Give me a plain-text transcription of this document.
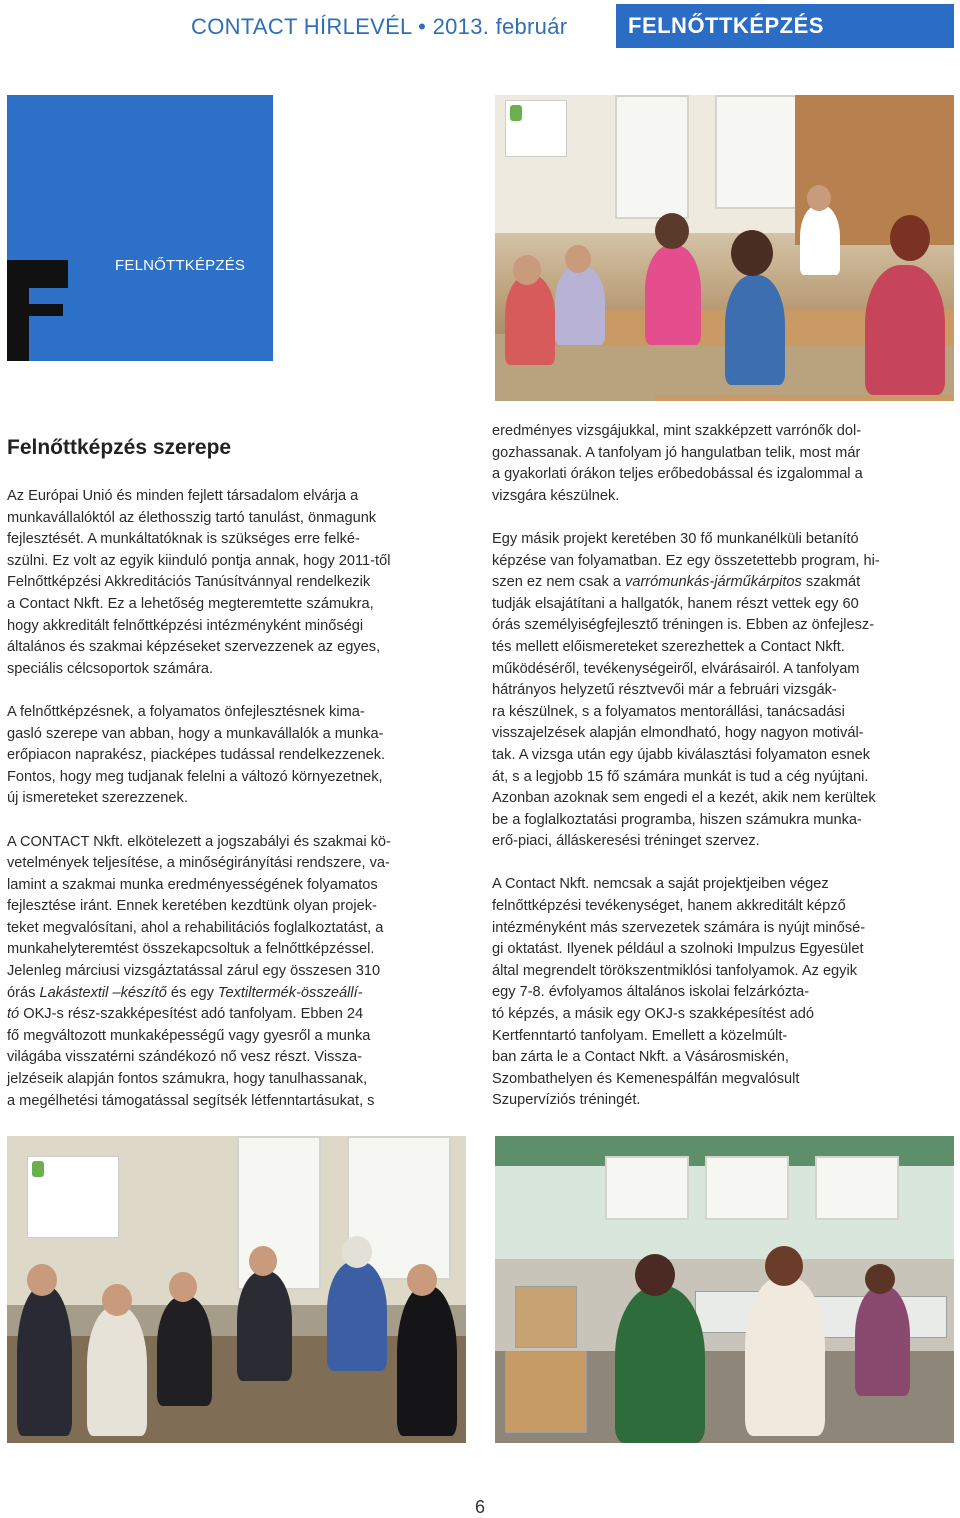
CONTACT HÍRLEVÉL • 2013. február	FELNŐTTKÉPZÉS
FELNŐTTKÉPZÉS
Felnőttképzés szerepe

Az Európai Unió és minden fejlett társadalom elvárja a
munkavállalóktól az élethosszig tartó tanulást, önmagunk
fejlesztését. A munkáltatóknak is szükséges erre felké-
szülni. Ez volt az egyik kiinduló pontja annak, hogy 2011-től
Felnőttképzési Akkreditációs Tanúsítvánnyal rendelkezik
a Contact Nkft. Ez a lehetőség megteremtette számukra,
hogy akkreditált felnőttképzési intézményként minőségi
általános és szakmai képzéseket szervezzenek az egyes,
speciális célcsoportok számára.

A felnőttképzésnek, a folyamatos önfejlesztésnek kima-
gasló szerepe van abban, hogy a munkavállalók a munka-
erőpiacon naprakész, piacképes tudással rendelkezzenek.
Fontos, hogy meg tudjanak felelni a változó környezetnek,
új ismereteket szerezzenek.

A CONTACT Nkft. elkötelezett a jogszabályi és szakmai kö-
vetelmények teljesítése, a minőségirányítási rendszere, va-
lamint a szakmai munka eredményességének folyamatos
fejlesztése iránt. Ennek keretében kezdtünk olyan projek-
teket megvalósítani, ahol a rehabilitációs foglalkoztatást, a
munkahelyteremtést összekapcsoltuk a felnőttképzéssel.
Jelenleg márciusi vizsgáztatással zárul egy összesen 310
órás Lakástextil –készítő és egy Textiltermék-összeállí-
tó OKJ-s rész-szakképesítést adó tanfolyam. Ebben 24
fő megváltozott munkaképességű vagy gyesről a munka
világába visszatérni szándékozó nő vesz részt. Vissza-
jelzéseik alapján fontos számukra, hogy tanulhassanak,
a megélhetési támogatással segítsék létfenntartásukat, s

eredményes vizsgájukkal, mint szakképzett varrónők dol-
gozhassanak. A tanfolyam jó hangulatban telik, most már
a gyakorlati órákon teljes erőbedobással és izgalommal a
vizsgára készülnek.

Egy másik projekt keretében 30 fő munkanélküli betanító
képzése van folyamatban. Ez egy összetettebb program, hi-
szen ez nem csak a varrómunkás-járműkárpitos szakmát
tudják elsajátítani a hallgatók, hanem részt vettek egy 60
órás személyiségfejlesztő tréningen is. Ebben az önfejlesz-
tés mellett előismereteket szerezhettek a Contact Nkft.
működéséről, tevékenységeiről, elvárásairól. A tanfolyam
hátrányos helyzetű résztvevői már a februári vizsgák-
ra készülnek, s a folyamatos mentorállási, tanácsadási
visszajelzések alapján elmondható, hogy nagyon motivál-
tak. A vizsga után egy újabb kiválasztási folyamaton esnek
át, s a legjobb 15 fő számára munkát is tud a cég nyújtani.
Azonban azoknak sem engedi el a kezét, akik nem kerültek
be a foglalkoztatási programba, hiszen számukra munka-
erő-piaci, álláskeresési tréninget szervez.

A Contact Nkft. nemcsak a saját projektjeiben végez
felnőttképzési tevékenységet, hanem akkreditált képző
intézményként más szervezetek számára is nyújt minősé-
gi oktatást. Ilyenek például a szolnoki Impulzus Egyesület
által megrendelt törökszentmiklósi tanfolyamok. Az egyik
egy 7-8. évfolyamos általános iskolai felzárkózta-
tó képzés, a másik egy OKJ-s szakképesítést adó
Kertfenntartó tanfolyam. Emellett a közelmúlt-
ban zárta le a Contact Nkft. a Vásárosmiskén,
Szombathelyen és Kemenespálfán megvalósult
Szupervíziós tréningét.

6
